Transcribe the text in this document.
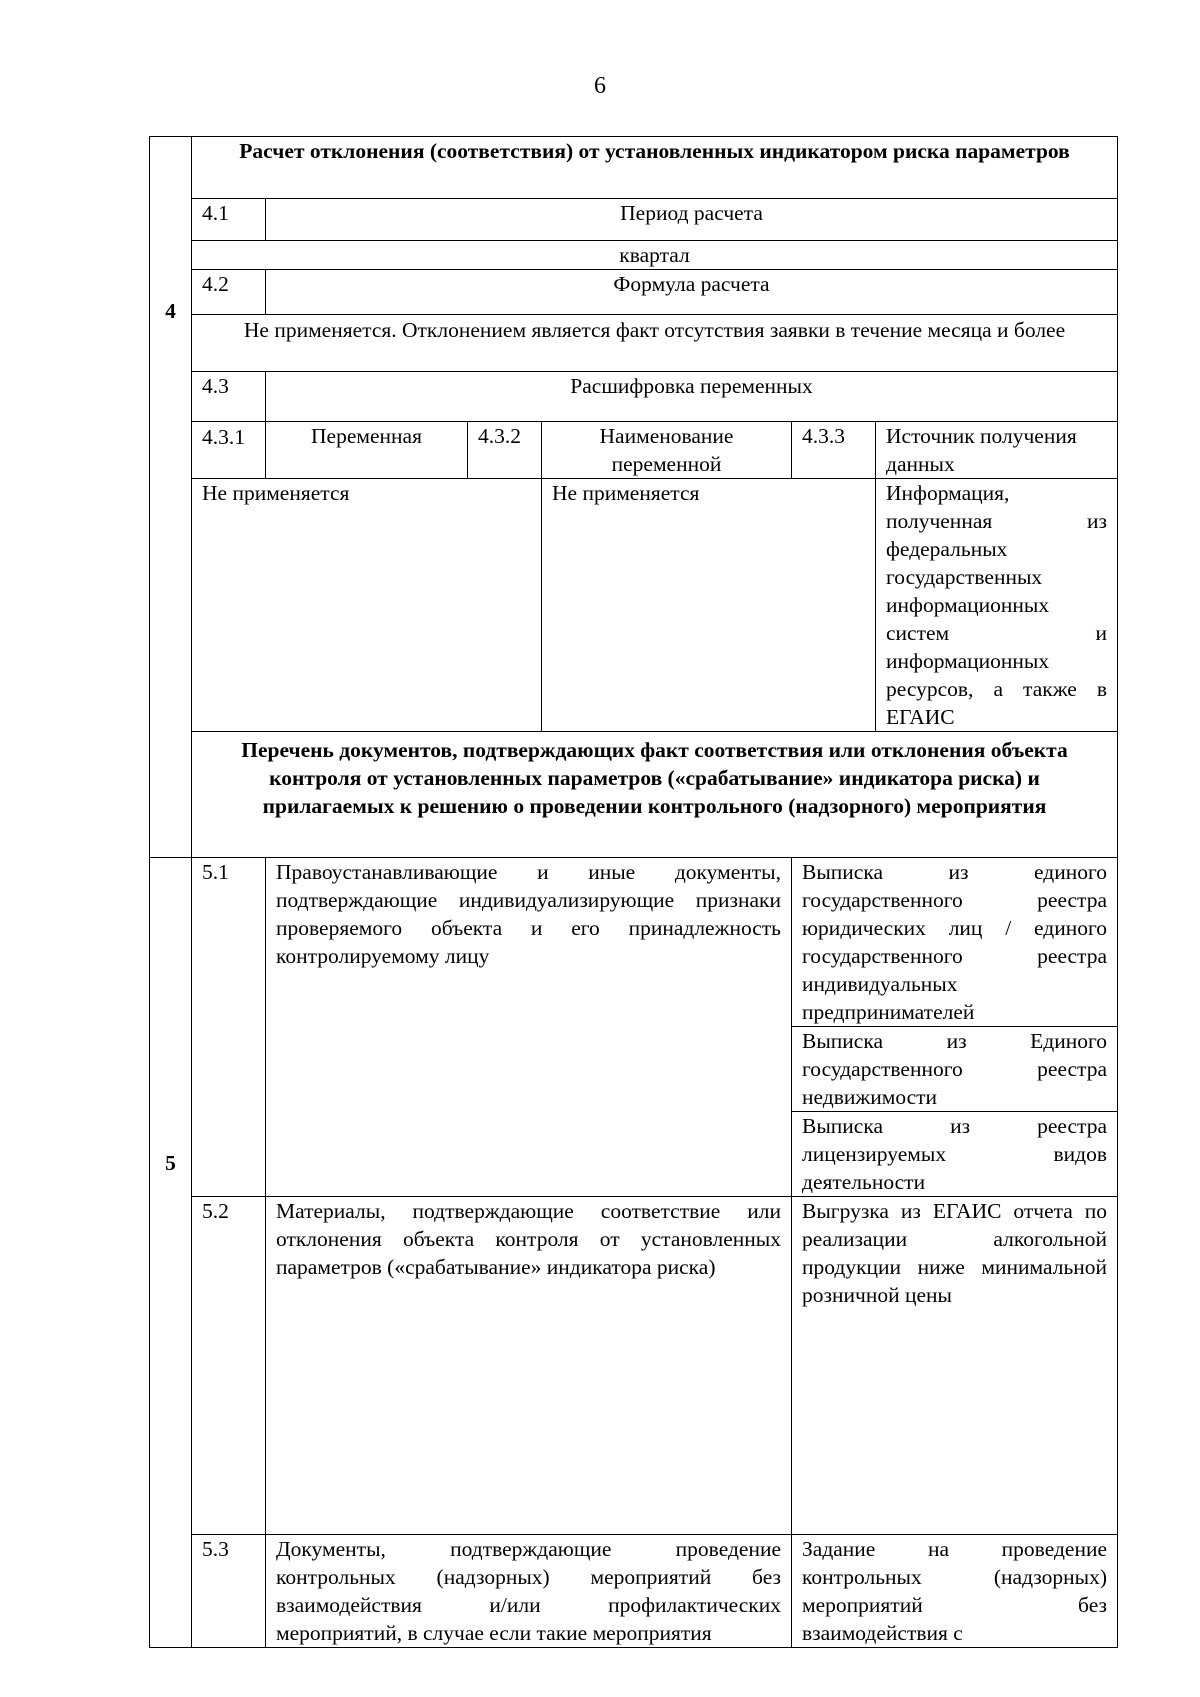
6
4	Расчет отклонения (соответствия) от установленных индикатором риска параметров					
	4.1	Период расчета				
	квартал					
	4.2	Формула расчета				
	Не применяется. Отклонением является факт отсутствия заявки в течение месяца и более					
	4.3	Расшифровка переменных				
	4.3.1	Переменная	4.3.2	Наименование переменной	4.3.3	Источник получения данных
	Не применяется			Не применяется		Информация, полученная из федеральных государственных информационных систем и информационных ресурсов, а также в ЕГАИС
	Перечень документов, подтверждающих факт соответствия или отклонения объекта контроля от установленных параметров («срабатывание» индикатора риска) и прилагаемых к решению о проведении контрольного (надзорного) мероприятия					
5	5.1	Правоустанавливающие и иные документы, подтверждающие индивидуализирующие признаки проверяемого объекта и его принадлежность контролируемому лицу			Выписка из единого государственного реестра юридических лиц / единого государственного реестра индивидуальных предпринимателей	
					Выписка из Единого государственного реестра недвижимости	
					Выписка из реестра лицензируемых видов деятельности	
	5.2	Материалы, подтверждающие соответствие или отклонения объекта контроля от установленных параметров («срабатывание» индикатора риска)			Выгрузка из ЕГАИС отчета по реализации алкогольной продукции ниже минимальной розничной цены	
	5.3	Документы, подтверждающие проведение контрольных (надзорных) мероприятий без взаимодействия и/или профилактических мероприятий, в случае если такие мероприятия			Задание на проведение контрольных (надзорных) мероприятий без взаимодействия с	
